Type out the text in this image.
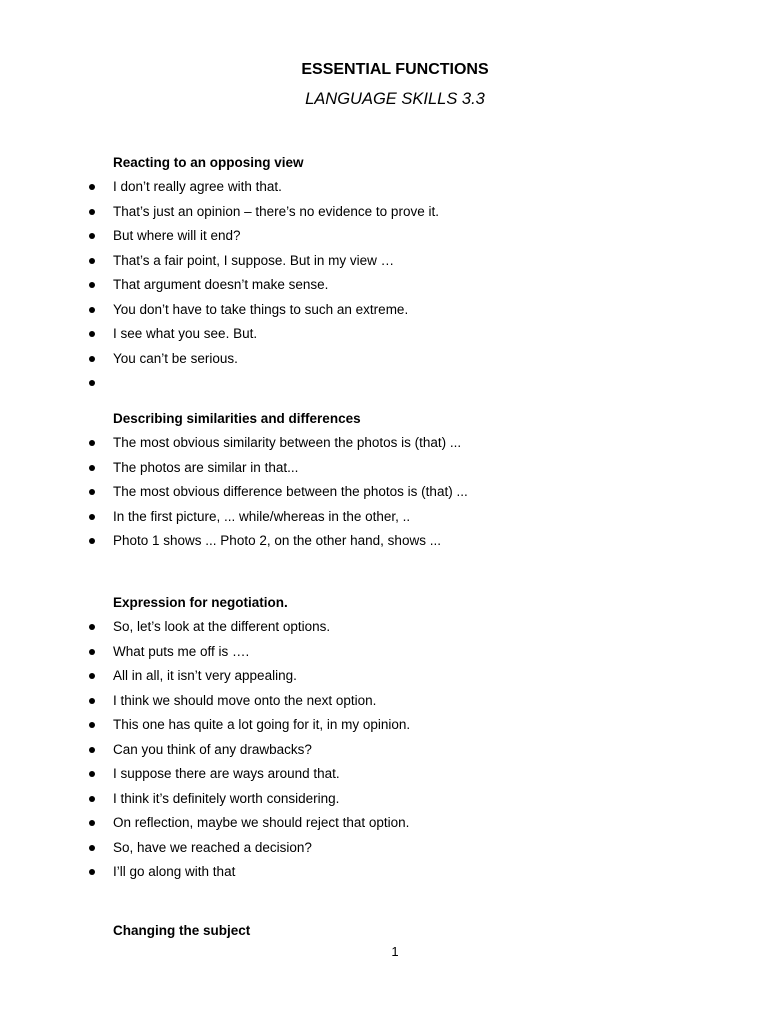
ESSENTIAL FUNCTIONS
LANGUAGE SKILLS 3.3
Reacting to an opposing view
I don’t really agree with that.
That’s just an opinion – there’s no evidence to prove it.
But where will it end?
That’s a fair point, I suppose. But in my view …
That argument doesn’t make sense.
You don’t have to take things to such an extreme.
I see what you see. But.
You can’t be serious.
Describing similarities and differences
The most obvious similarity between the photos is (that) ...
The photos are similar in that...
The most obvious difference between the photos is (that) ...
In the first picture, ... while/whereas in the other, ..
Photo 1 shows ... Photo 2, on the other hand, shows ...
Expression for negotiation.
So, let’s look at the different options.
What puts me off is ….
All in all, it isn’t very appealing.
I think we should move onto the next option.
This one has quite a lot going for it, in my opinion.
Can you think of any drawbacks?
I suppose there are ways around that.
I think it’s definitely worth considering.
On reflection, maybe we should reject that option.
So, have we reached a decision?
I’ll go along with that
Changing the subject
1
